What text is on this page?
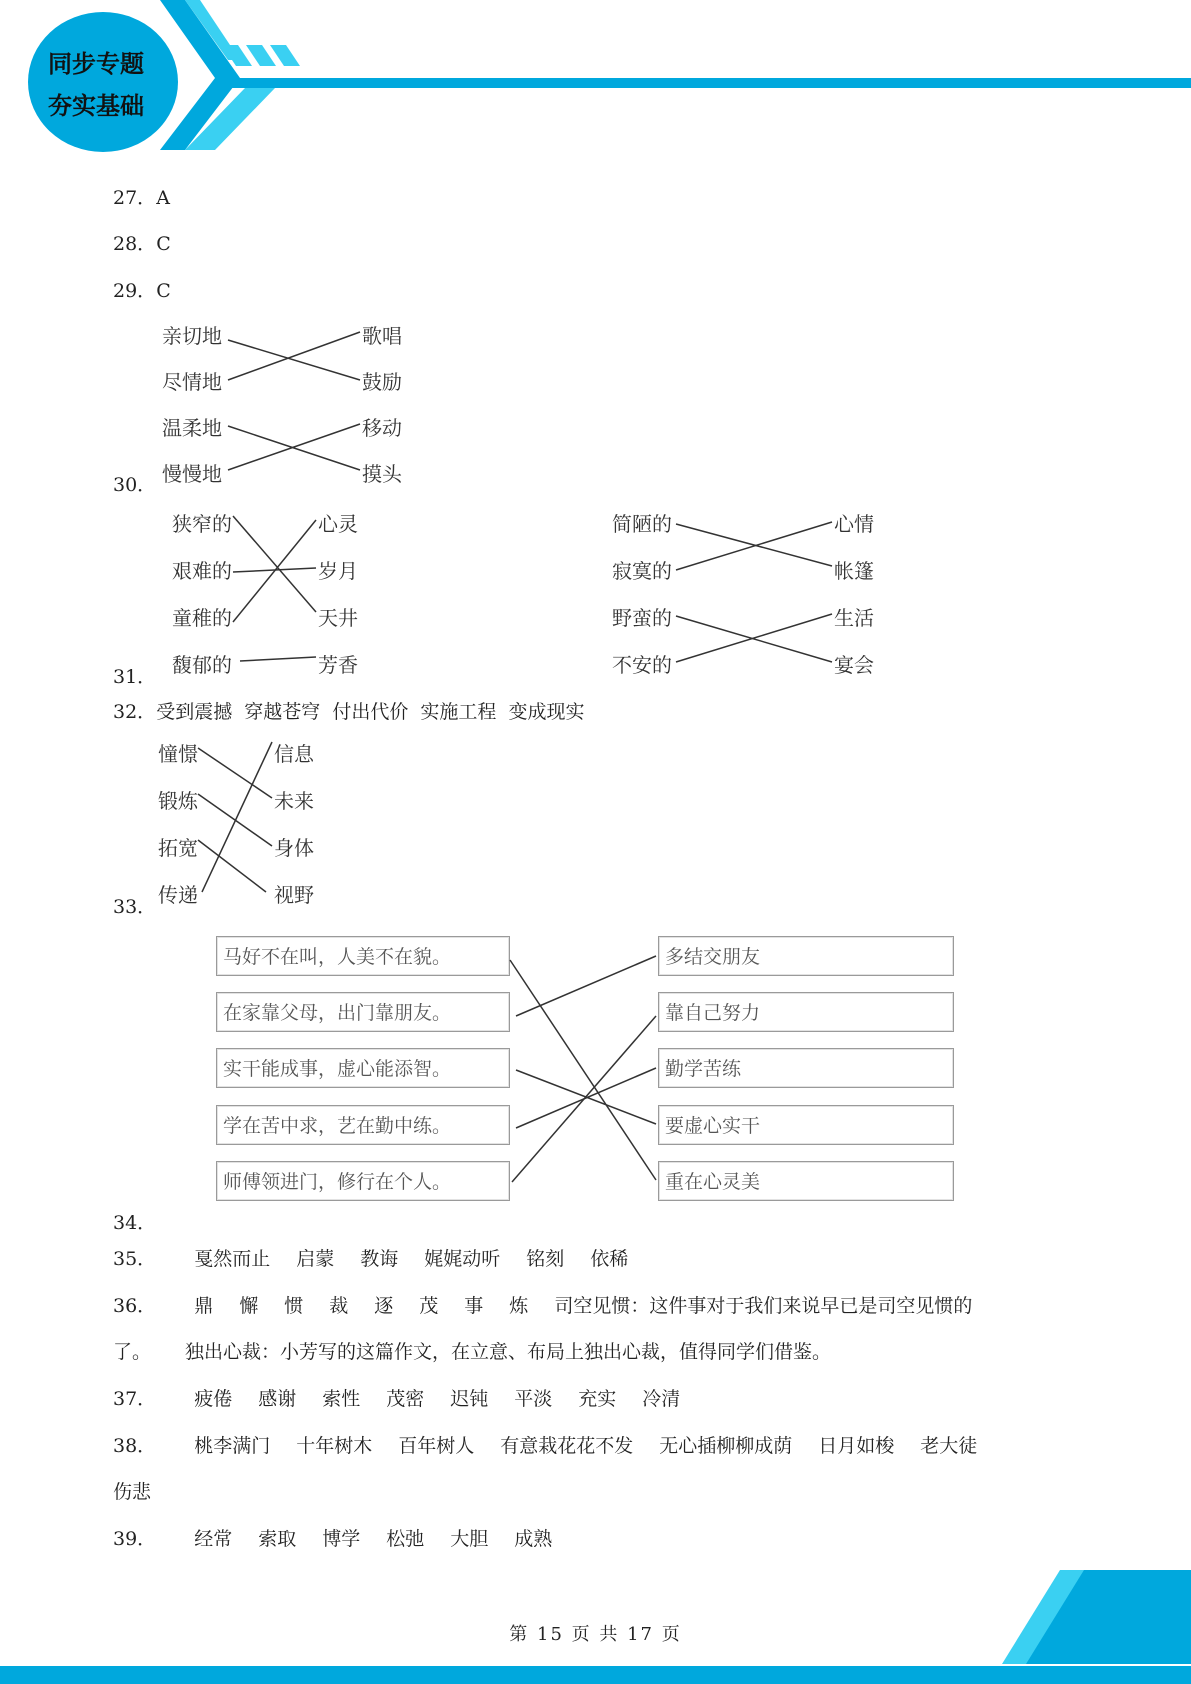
同步专题
夯实基础
27．A
28．C
29．C
30．
亲切地
尽情地
温柔地
慢慢地
歌唱
鼓励
移动
摸头
31．
狭窄的
艰难的
童稚的
馥郁的
心灵
岁月
天井
芳香
简陋的
寂寞的
野蛮的
不安的
心情
帐篷
生活
宴会
32．受到震撼  穿越苍穹  付出代价  实施工程  变成现实
33．
憧憬
锻炼
拓宽
传递
信息
未来
身体
视野
34．
马好不在叫，人美不在貌。
在家靠父母，出门靠朋友。
实干能成事，虚心能添智。
学在苦中求，艺在勤中练。
师傅领进门，修行在个人。
多结交朋友
靠自己努力
勤学苦练
要虚心实干
重在心灵美
35． 戛然而止 启蒙 教诲 娓娓动听 铭刻 依稀
36． 鼎 懈 惯 裁 逐 茂 事 炼 司空见惯：这件事对于我们来说早已是司空见惯的
了。 独出心裁：小芳写的这篇作文，在立意、布局上独出心裁，值得同学们借鉴。
37． 疲倦 感谢 索性 茂密 迟钝 平淡 充实 冷清
38． 桃李满门 十年树木 百年树人 有意栽花花不发 无心插柳柳成荫 日月如梭 老大徒
伤悲
39． 经常 索取 博学 松弛 大胆 成熟
第 15 页 共 17 页
